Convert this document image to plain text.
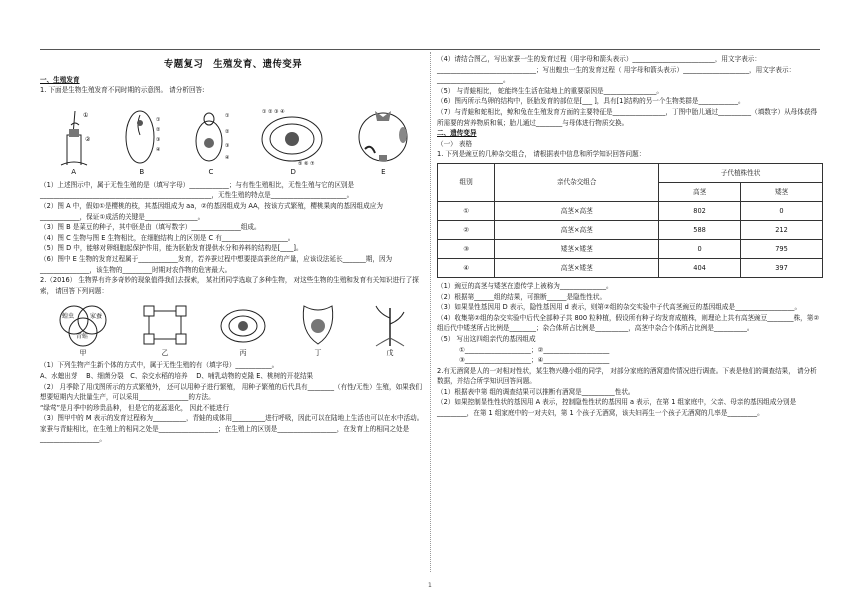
专题复习　生殖发育、遗传变异
一、生殖发育
1. 下面是生物生殖发育不同时期的示意图。 请分析回答:
①
②
A
①
②
③
④
B
①
②
③
④
C
① ② ③ ④
⑤ ⑥ ⑦
D	E
（1）上述图示中，属于无性生殖的是（填写字母）____________；与有性生殖相比，无性生殖与它的区别是____________________________________________________，无性生殖的特点是_______________________。
（2）图 A 中，假如①是樱桃的枝，其基因组成为 aa，②的基因组成为 AA，按该方式繁殖，樱桃果肉的基因组成应为____________，保证①成活的关键是________________。
（3）图 B 是菜豆的种子，其中胚是由（填写数字）_______________组成。
（4）图 C 生物与图 E 生物相比，在细胞结构上的区别是 C 有____________________。
（5）图 D 中，能够对卵细胞起保护作用，能为胚胎发育提供水分和养料的结构是[____]。
（6）图中 E 生物的发育过程属于____________发育，若养蚕过程中想要提高蚕丝的产量，应该设法延长_______期，因为_______________，该生物的_________时期对农作物的危害最大。
2.（2016） 生物界有许多奇妙的现象值得我们去探索， 某社团同学选取了多种生物， 对这些生物的生殖和发育有关知识进行了探索， 请回答下列问题：
蝗虫	家蚕
青蛙
甲	乙	丙	丁	戊
（1）下列生物产生新个体的方式中，属于无性生殖的有（填字母）___________。
A、水螅出芽　 B、细菌分裂　C、杂交水稻的培养　 D、哺乳动物的克隆 E、桃树的开花结果
（2） 月季除了用戊图所示的方式繁殖外， 还可以用种子进行繁殖， 用种子繁殖的后代具有________（有性/无性）生殖，如果我们想要短期内大批量生产，可以采用_______________的方法。
“绿莺”是月季中的珍贵品种， 但是它的花蕊退化， 因此不能进行
（3）图甲中的 M 表示的发育过程称为__________，青蛙的成体用__________进行呼吸，因此可以在陆地上生活也可以在水中活动。家蚕与青蛙相比，在生殖上的相同之处是__________________；在生殖上的区别是__________________，在发育上的相同之处是__________________。
（4）请结合图乙，写出家蚕一生的发育过程（用字母和箭头表示）_________________________，用文字表示：______________________________；写出蝗虫一生的发育过程（ 用字母和箭头表示）____________________，用文字表示：____________________。
（5） 与青蛙相比， 蛇能终生生活在陆地上的重要原因是________________。
（6）图丙所示鸟卵的结构中，胚胎发育的部位是[___ ]，具有[1]结构的另一个生物类群是____________。
（7）与青蛙和蛇相比，鲸和兔在生殖发育方面的主要特征是________________，丁图中胎儿通过__________（填数字）从母体获得所需要的营养物质和氧；胎儿通过________与母体进行物质交换。
二、遗传变异
（一） 表格
1. 下列是豌豆的几种杂交组合， 请根据表中信息和所学知识回答问题：
组别	亲代杂交组合	子代植株性状	
		高茎	矮茎
①	高茎×高茎	802	0
②	高茎×高茎	588	212
③	矮茎×矮茎	0	795
④	高茎×矮茎	404	397
（1）豌豆的高茎与矮茎在遗传学上被称为______________。
（2）根据第______组的结果，可推断______是隐性性状。
（3）如果显性基因用 D 表示，隐性基因用 d 表示，则第②组的杂交实验中子代高茎豌豆的基因组成是__________________。
（4）收集第②组的杂交实验中后代全部种子共 800 粒种植，假设所有种子均发育成植株，则理论上共有高茎豌豆________株，第②组后代中矮茎所占比例是________；杂合体所占比例是__________，高茎中杂合个体所占比例是__________。
（5） 写出这四组亲代的基因组成
①____________________；②____________________
③____________________；④____________________
2.有无酒窝是人的一对相对性状，某生物兴趣小组的同学， 对部分家庭的酒窝遗传情况进行调查。下表是他们的调查结果， 请分析数据，并结合所学知识回答问题。
（1）根据表中第 组的调查结果可以推断有酒窝是__________性状。
（2）如果控制显性性状的基因用 A 表示，控制隐性性状的基因用 a 表示，在第 1 组家庭中，父亲、母亲的基因组成分别是_________，在第 1 组家庭中的一对夫妇，第 1 个孩子无酒窝，该夫妇再生一个孩子无酒窝的几率是_________。
1
